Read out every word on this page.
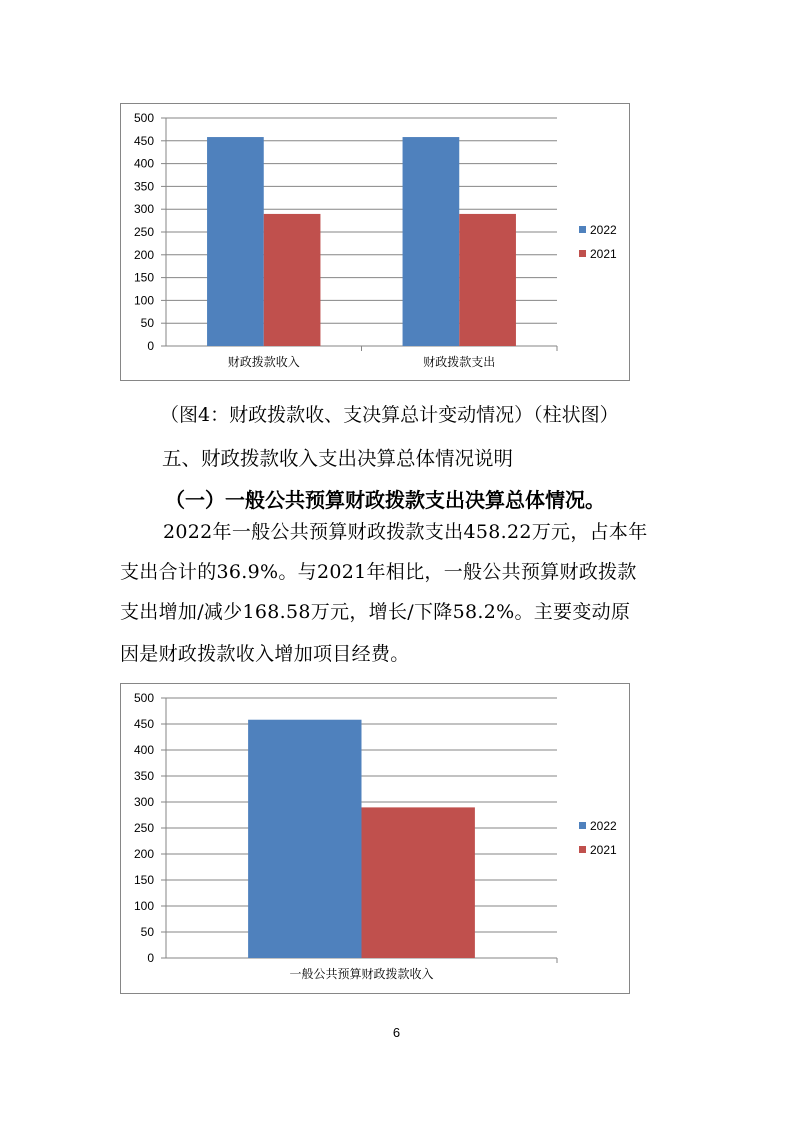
0
50
100
150
200
250
300
350
400
450
500
财政拨款收入	财政拨款支出
2022
2021
（图4：财政拨款收、支决算总计变动情况）（柱状图）
五、财政拨款收入支出决算总体情况说明
（一）一般公共预算财政拨款支出决算总体情况。
2022年一般公共预算财政拨款支出458.22万元，占本年
支出合计的36.9%。与2021年相比，一般公共预算财政拨款
支出增加/减少168.58万元，增长/下降58.2%。主要变动原
因是财政拨款收入增加项目经费。
0
50
100
150
200
250
300
350
400
450
500
一般公共预算财政拨款收入
2022
2021
6
